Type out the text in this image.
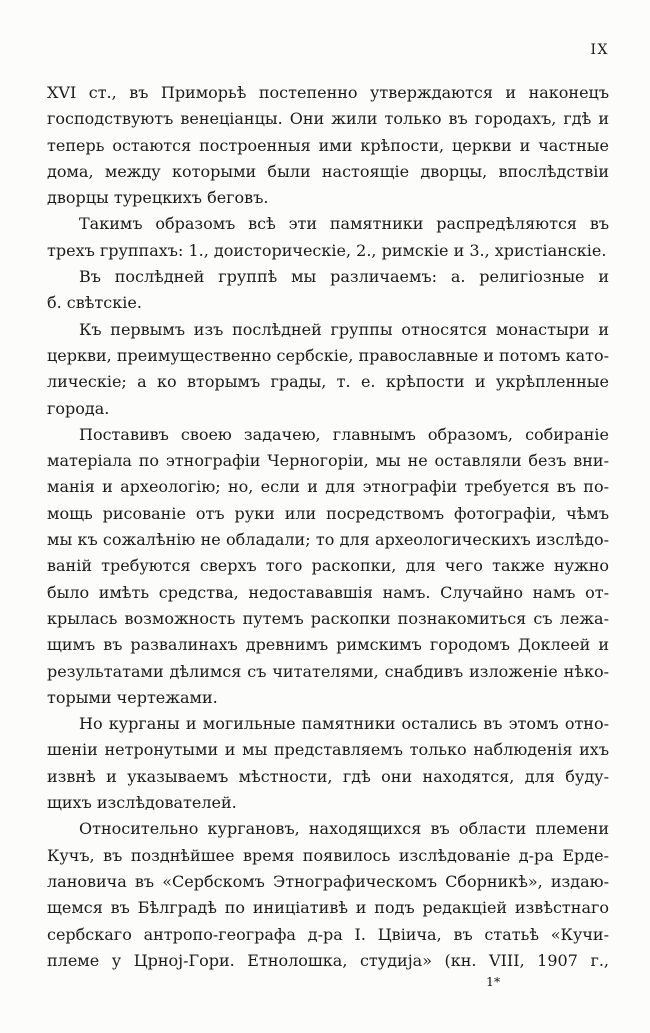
IX
XVI ст., въ Приморьѣ постепенно утверждаются и наконецъ
господствуютъ венеціанцы. Они жили только въ городахъ, гдѣ и
теперь остаются построенныя ими крѣпости, церкви и частные
дома, между которыми были настоящіе дворцы, впослѣдствіи
дворцы турецкихъ беговъ.
Такимъ образомъ всѣ эти памятники распредѣляются въ
трехъ группахъ: 1., доисторическіе, 2., римскіе и 3., христіанскіе.
Въ послѣдней группѣ мы различаемъ: а. религіозные и
б. свѣтскіе.
Къ первымъ изъ послѣдней группы относятся монастыри и
церкви, преимущественно сербскіе, православные и потомъ като-
лическіе; а ко вторымъ грады, т. е. крѣпости и укрѣпленные
города.
Поставивъ своею задачею, главнымъ образомъ, собираніе
матеріала по этнографіи Черногоріи, мы не оставляли безъ вни-
манія и археологію; но, если и для этнографіи требуется въ по-
мощь рисованіе отъ руки или посредствомъ фотографіи, чѣмъ
мы къ сожалѣнію не обладали; то для археологическихъ изслѣдо-
ваній требуются сверхъ того раскопки, для чего также нужно
было имѣть средства, недостававшія намъ. Случайно намъ от-
крылась возможность путемъ раскопки познакомиться съ лежа-
щимъ въ развалинахъ древнимъ римскимъ городомъ Доклеей и
результатами дѣлимся съ читателями, снабдивъ изложеніе нѣко-
торыми чертежами.
Но курганы и могильные памятники остались въ этомъ отно-
шеніи нетронутыми и мы представляемъ только наблюденія ихъ
извнѣ и указываемъ мѣстности, гдѣ они находятся, для буду-
щихъ изслѣдователей.
Относительно кургановъ, находящихся въ области племени
Кучъ, въ позднѣйшее время появилось изслѣдованіе д-ра Ерде-
лановича въ «Сербскомъ Этнографическомъ Сборникѣ», издаю-
щемся въ Бѣлградѣ по иниціативѣ и подъ редакціей извѣстнаго
сербскаго антропо-географа д-ра І. Цвіича, въ статьѣ «Кучи-
племе у Црној-Гори. Етнолошка, студија» (кн. VIII, 1907 г.,
1*
